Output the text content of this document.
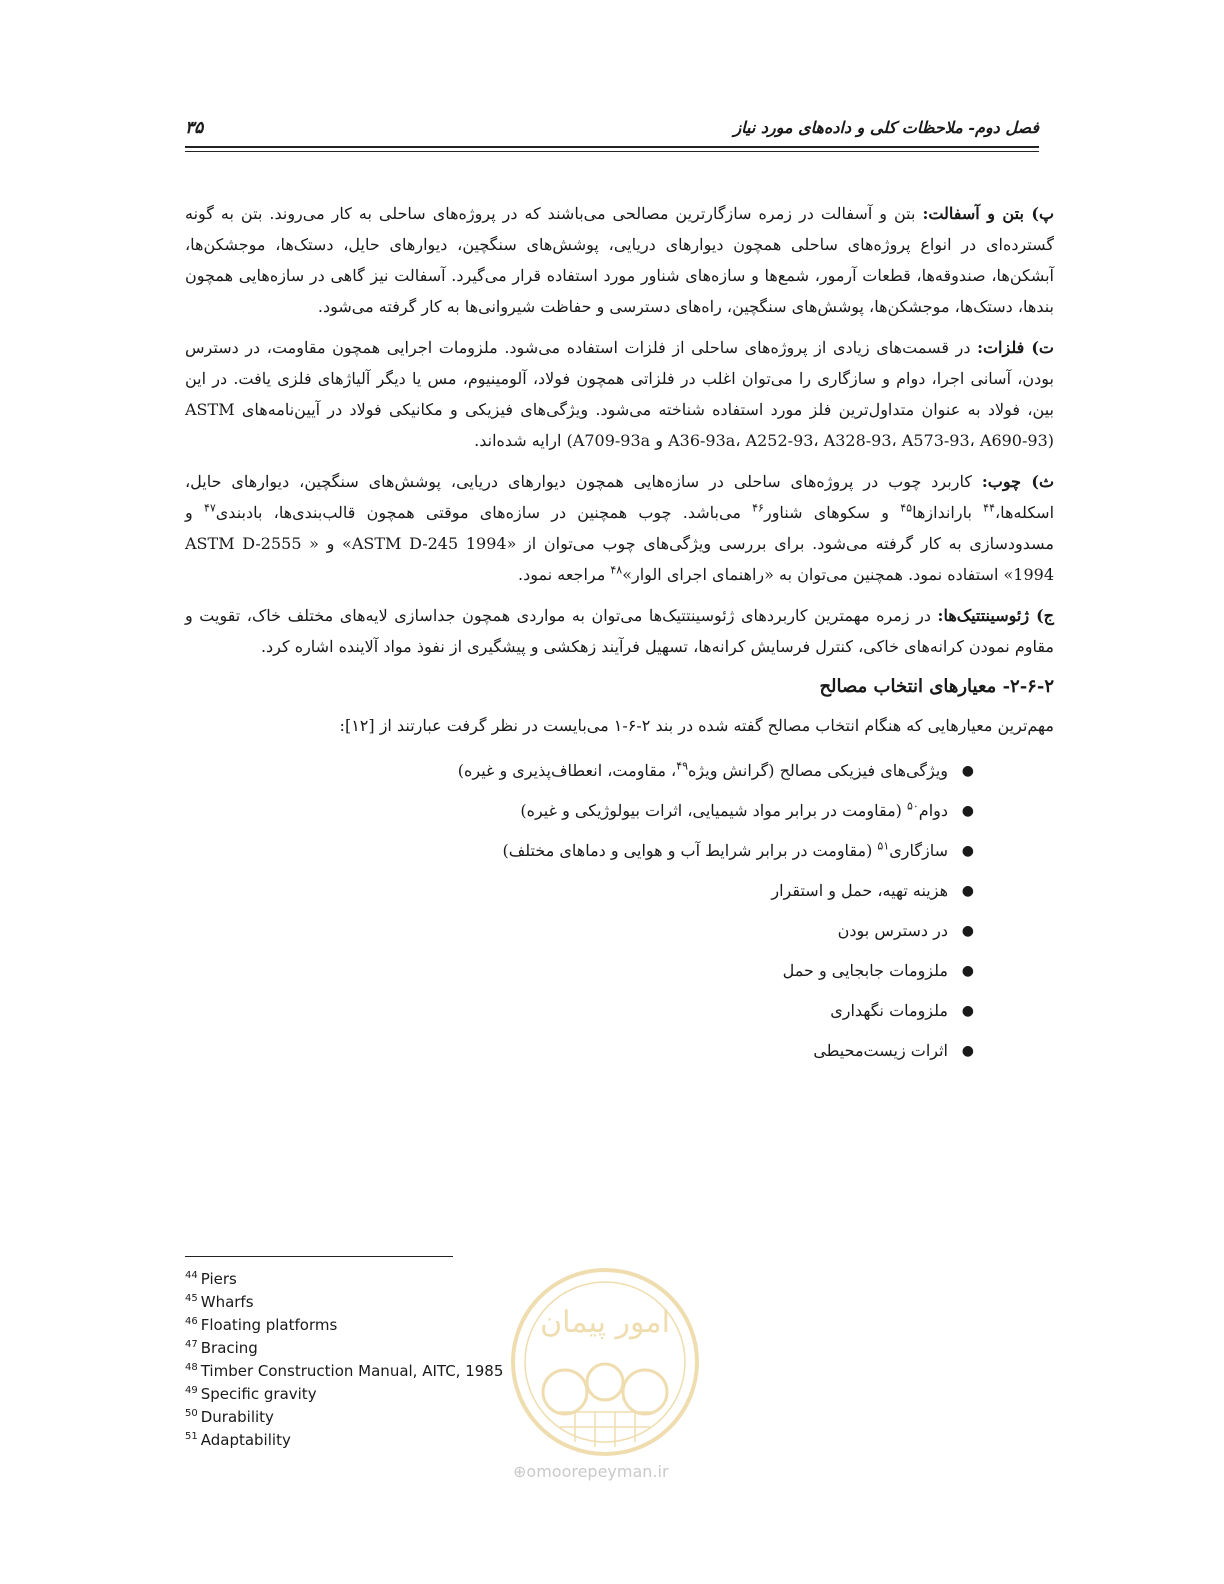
فصل دوم- ملاحظات کلی و داده‌های مورد نیاز
۳۵

پ) بتن و آسفالت: بتن و آسفالت در زمره سازگارترین مصالحی می‌باشند که در پروژه‌های ساحلی به کار می‌روند. بتن به گونه گسترده‌ای در انواع پروژه‌های ساحلی همچون دیوارهای دریایی، پوشش‌های سنگچین، دیوارهای حایل، دستک‌ها، موجشکن‌ها، آبشکن‌ها، صندوقه‌ها، قطعات آرمور، شمع‌ها و سازه‌های شناور مورد استفاده قرار می‌گیرد. آسفالت نیز گاهی در سازه‌هایی همچون بندها، دستک‌ها، موجشکن‌ها، پوشش‌های سنگچین، راه‌های دسترسی و حفاظت شیروانی‌ها به کار گرفته می‌شود.

ت) فلزات: در قسمت‌های زیادی از پروژه‌های ساحلی از فلزات استفاده می‌شود. ملزومات اجرایی همچون مقاومت، در دسترس بودن، آسانی اجرا، دوام و سازگاری را می‌توان اغلب در فلزاتی همچون فولاد، آلومینیوم، مس یا دیگر آلیاژهای فلزی یافت. در این بین، فولاد به عنوان متداول‌ترین فلز مورد استفاده شناخته می‌شود. ویژگی‌های فیزیکی و مکانیکی فولاد در آیین‌نامه‌های ASTM (A36-93a، A252-93، A328-93، A573-93، A690-93 و A709-93a) ارایه شده‌اند.

ث) چوب: کاربرد چوب در پروژه‌های ساحلی در سازه‌هایی همچون دیوارهای دریایی، پوشش‌های سنگچین، دیوارهای حایل، اسکله‌ها،$^{۴۴}$ باراندازها$^{۴۵}$ و سکوهای شناور$^{۴۶}$ می‌باشد. چوب همچنین در سازه‌های موقتی همچون قالب‌بندی‌ها، بادبندی$^{۴۷}$ و مسدودسازی به کار گرفته می‌شود. برای بررسی ویژگی‌های چوب می‌توان از «ASTM D-245 1994» و « ASTM D-2555 1994» استفاده نمود. همچنین می‌توان به «راهنمای اجرای الوار»$^{۴۸}$ مراجعه نمود.

ج) ژئوسینتتیک‌ها: در زمره مهمترین کاربردهای ژئوسینتتیک‌ها می‌توان به مواردی همچون جداسازی لایه‌های مختلف خاک، تقویت و مقاوم نمودن کرانه‌های خاکی، کنترل فرسایش کرانه‌ها، تسهیل فرآیند زهکشی و پیشگیری از نفوذ مواد آلاینده اشاره کرد.

۲-۶-۲- معیارهای انتخاب مصالح

مهم‌ترین معیارهایی که هنگام انتخاب مصالح گفته شده در بند ۲-۶-۱ می‌بایست در نظر گرفت عبارتند از [۱۲]:

●
ویژگی‌های فیزیکی مصالح (گرانش ویژه$^{۴۹}$، مقاومت، انعطاف‌پذیری و غیره)
●
دوام$^{۵۰}$ (مقاومت در برابر مواد شیمیایی، اثرات بیولوژیکی و غیره)
●
سازگاری$^{۵۱}$ (مقاومت در برابر شرایط آب و هوایی و دماهای مختلف)
●
هزینه تهیه، حمل و استقرار
●
در دسترس بودن
●
ملزومات جابجایی و حمل
●
ملزومات نگهداری
●
اثرات زیست‌محیطی
$^{44}$ Piers
$^{45}$ Wharfs
$^{46}$ Floating platforms
$^{47}$ Bracing
$^{48}$ Timber Construction Manual, AITC, 1985
$^{49}$ Specific gravity
$^{50}$ Durability
$^{51}$ Adaptability
امور پیمان
⊕omoorepeyman.ir
